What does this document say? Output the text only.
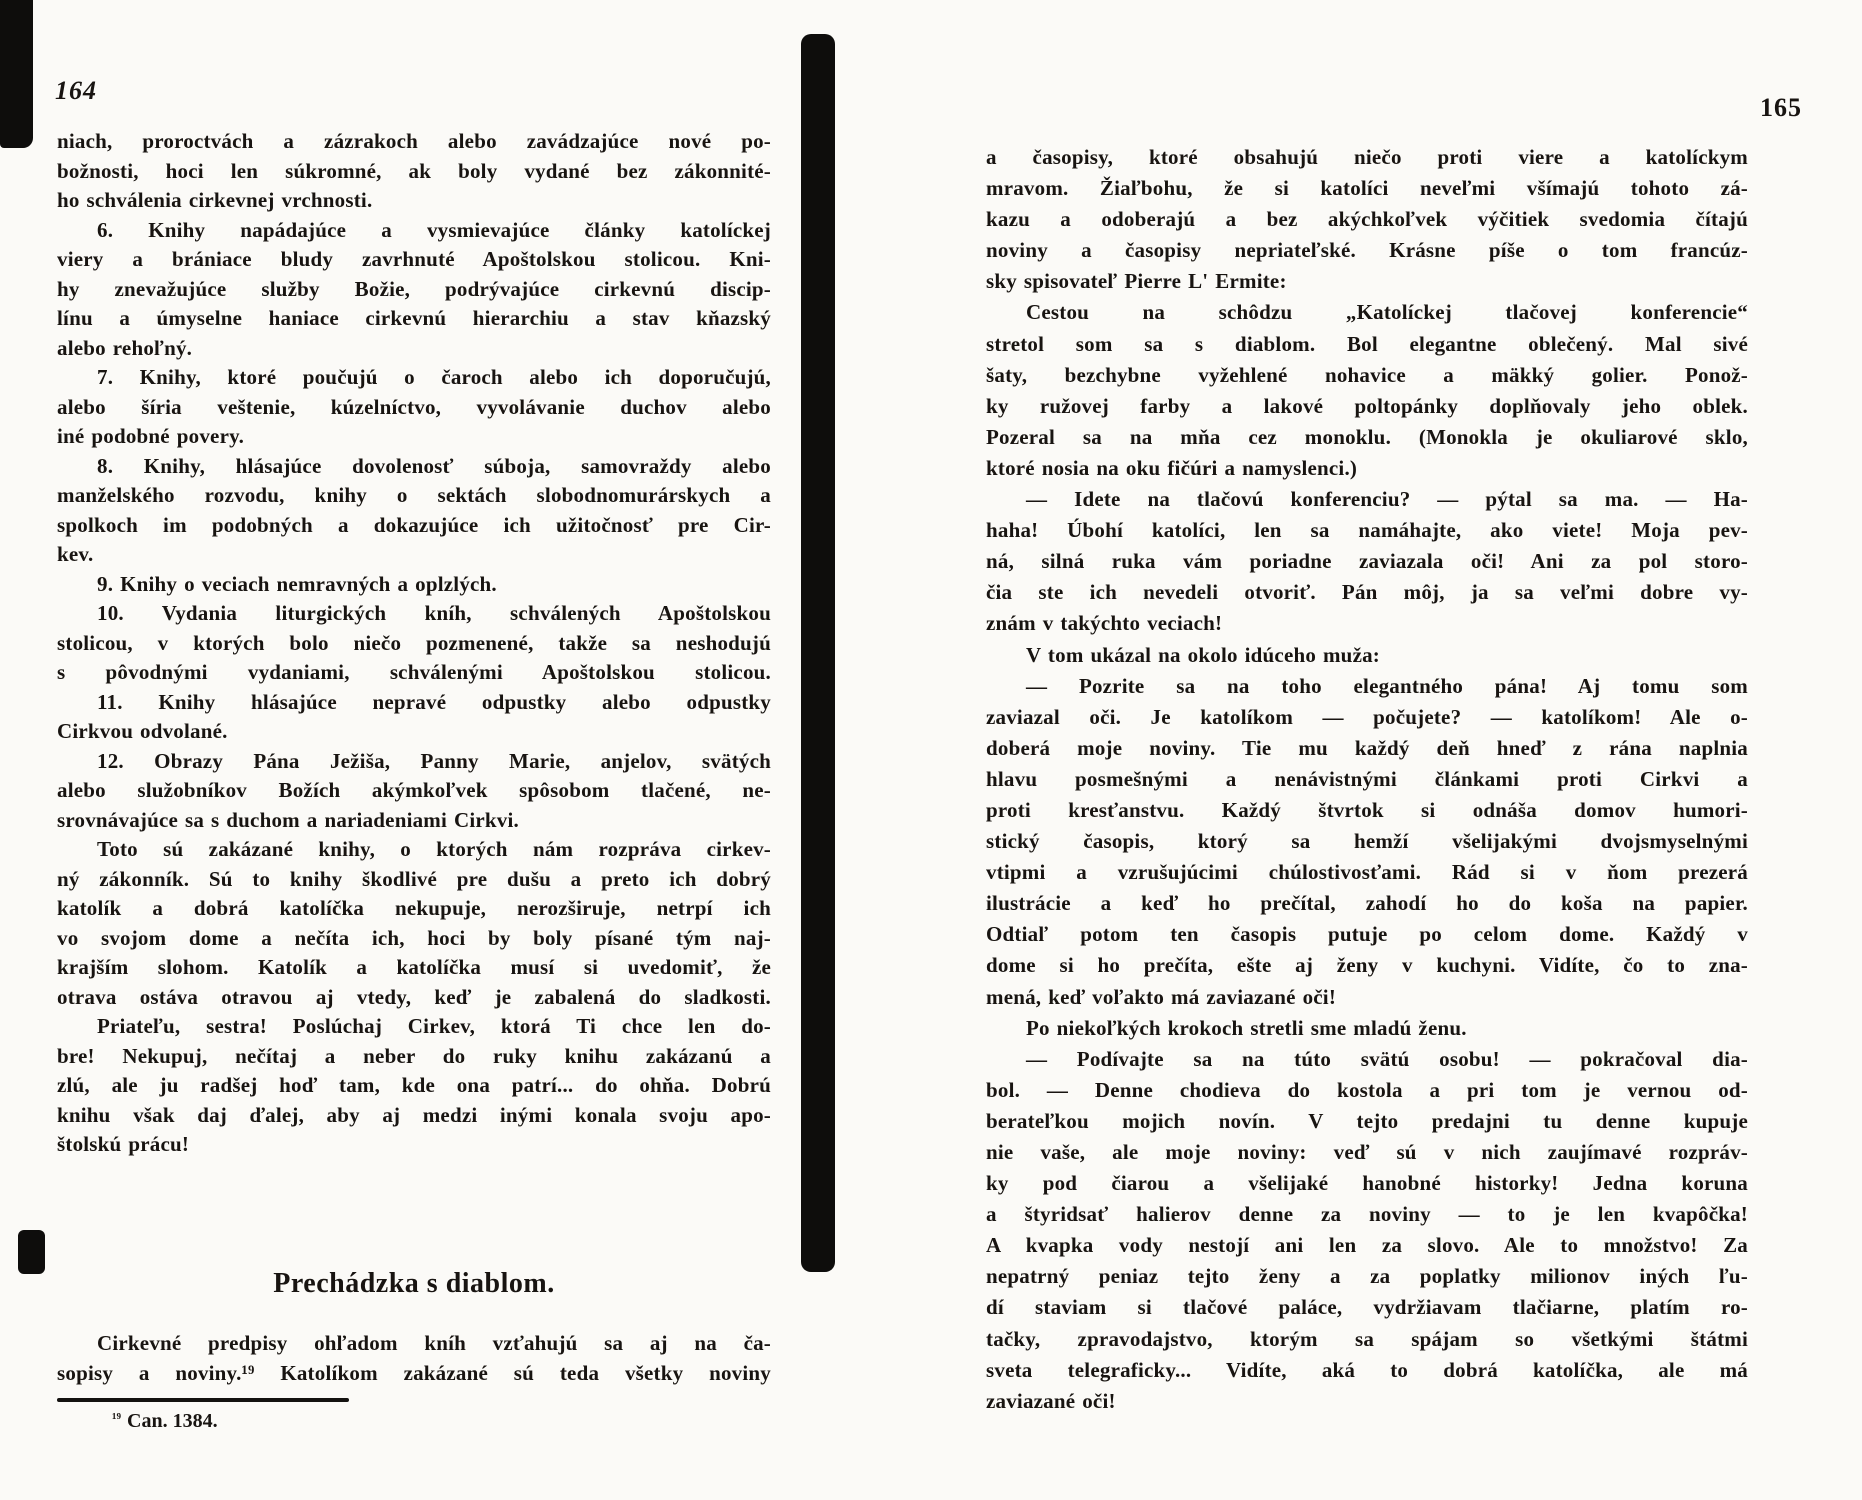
164
165
niach, proroctvách a zázrakoch alebo zavádzajúce nové po-
božnosti, hoci len súkromné, ak boly vydané bez zákonnité-
ho schválenia cirkevnej vrchnosti.
6. Knihy napádajúce a vysmievajúce články katolíckej
viery a brániace bludy zavrhnuté Apoštolskou stolicou. Kni-
hy znevažujúce služby Božie, podrývajúce cirkevnú discip-
línu a úmyselne haniace cirkevnú hierarchiu a stav kňazský
alebo rehoľný.
7. Knihy, ktoré poučujú o čaroch alebo ich doporučujú,
alebo šíria veštenie, kúzelníctvo, vyvolávanie duchov alebo
iné podobné povery.
8. Knihy, hlásajúce dovolenosť súboja, samovraždy alebo
manželského rozvodu, knihy o sektách slobodnomurárskych a
spolkoch im podobných a dokazujúce ich užitočnosť pre Cir-
kev.
9. Knihy o veciach nemravných a oplzlých.
10. Vydania liturgických kníh, schválených Apoštolskou
stolicou, v ktorých bolo niečo pozmenené, takže sa neshodujú
s pôvodnými vydaniami, schválenými Apoštolskou stolicou.
11. Knihy hlásajúce nepravé odpustky alebo odpustky
Cirkvou odvolané.
12. Obrazy Pána Ježiša, Panny Marie, anjelov, svätých
alebo služobníkov Božích akýmkoľvek spôsobom tlačené, ne-
srovnávajúce sa s duchom a nariadeniami Cirkvi.
Toto sú zakázané knihy, o ktorých nám rozpráva cirkev-
ný zákonník. Sú to knihy škodlivé pre dušu a preto ich dobrý
katolík a dobrá katolíčka nekupuje, nerozširuje, netrpí ich
vo svojom dome a nečíta ich, hoci by boly písané tým naj-
krajším slohom. Katolík a katolíčka musí si uvedomiť, že
otrava ostáva otravou aj vtedy, keď je zabalená do sladkosti.
Priateľu, sestra! Poslúchaj Cirkev, ktorá Ti chce len do-
bre! Nekupuj, nečítaj a neber do ruky knihu zakázanú a
zlú, ale ju radšej hoď tam, kde ona patrí... do ohňa. Dobrú
knihu však daj ďalej, aby aj medzi inými konala svoju apo-
štolskú prácu!
Prechádzka s diablom.
Cirkevné predpisy ohľadom kníh vzťahujú sa aj na ča-
sopisy a noviny.¹⁹ Katolíkom zakázané sú teda všetky noviny
$^{^{19}}$ Can. 1384.
a časopisy, ktoré obsahujú niečo proti viere a katolíckym
mravom. Žiaľbohu, že si katolíci neveľmi všímajú tohoto zá-
kazu a odoberajú a bez akýchkoľvek výčitiek svedomia čítajú
noviny a časopisy nepriateľské. Krásne píše o tom francúz-
sky spisovateľ Pierre L' Ermite:
Cestou na schôdzu „Katolíckej tlačovej konferencie“
stretol som sa s diablom. Bol elegantne oblečený. Mal sivé
šaty, bezchybne vyžehlené nohavice a mäkký golier. Ponož-
ky ružovej farby a lakové poltopánky doplňovaly jeho oblek.
Pozeral sa na mňa cez monoklu. (Monokla je okuliarové sklo,
ktoré nosia na oku fičúri a namyslenci.)
— Idete na tlačovú konferenciu? — pýtal sa ma. — Ha-
haha! Úbohí katolíci, len sa namáhajte, ako viete! Moja pev-
ná, silná ruka vám poriadne zaviazala oči! Ani za pol storo-
čia ste ich nevedeli otvoriť. Pán môj, ja sa veľmi dobre vy-
znám v takýchto veciach!
V tom ukázal na okolo idúceho muža:
— Pozrite sa na toho elegantného pána! Aj tomu som
zaviazal oči. Je katolíkom — počujete? — katolíkom! Ale o-
doberá moje noviny. Tie mu každý deň hneď z rána naplnia
hlavu posmešnými a nenávistnými článkami proti Cirkvi a
proti kresťanstvu. Každý štvrtok si odnáša domov humori-
stický časopis, ktorý sa hemží všelijakými dvojsmyselnými
vtipmi a vzrušujúcimi chúlostivosťami. Rád si v ňom prezerá
ilustrácie a keď ho prečítal, zahodí ho do koša na papier.
Odtiaľ potom ten časopis putuje po celom dome. Každý v
dome si ho prečíta, ešte aj ženy v kuchyni. Vidíte, čo to zna-
mená, keď voľakto má zaviazané oči!
Po niekoľkých krokoch stretli sme mladú ženu.
— Podívajte sa na túto svätú osobu! — pokračoval dia-
bol. — Denne chodieva do kostola a pri tom je vernou od-
berateľkou mojich novín. V tejto predajni tu denne kupuje
nie vaše, ale moje noviny: veď sú v nich zaujímavé rozpráv-
ky pod čiarou a všelijaké hanobné historky! Jedna koruna
a štyridsať halierov denne za noviny — to je len kvapôčka!
A kvapka vody nestojí ani len za slovo. Ale to množstvo! Za
nepatrný peniaz tejto ženy a za poplatky milionov iných ľu-
dí staviam si tlačové paláce, vydržiavam tlačiarne, platím ro-
tačky, zpravodajstvo, ktorým sa spájam so všetkými štátmi
sveta telegraficky... Vidíte, aká to dobrá katolíčka, ale má
zaviazané oči!
